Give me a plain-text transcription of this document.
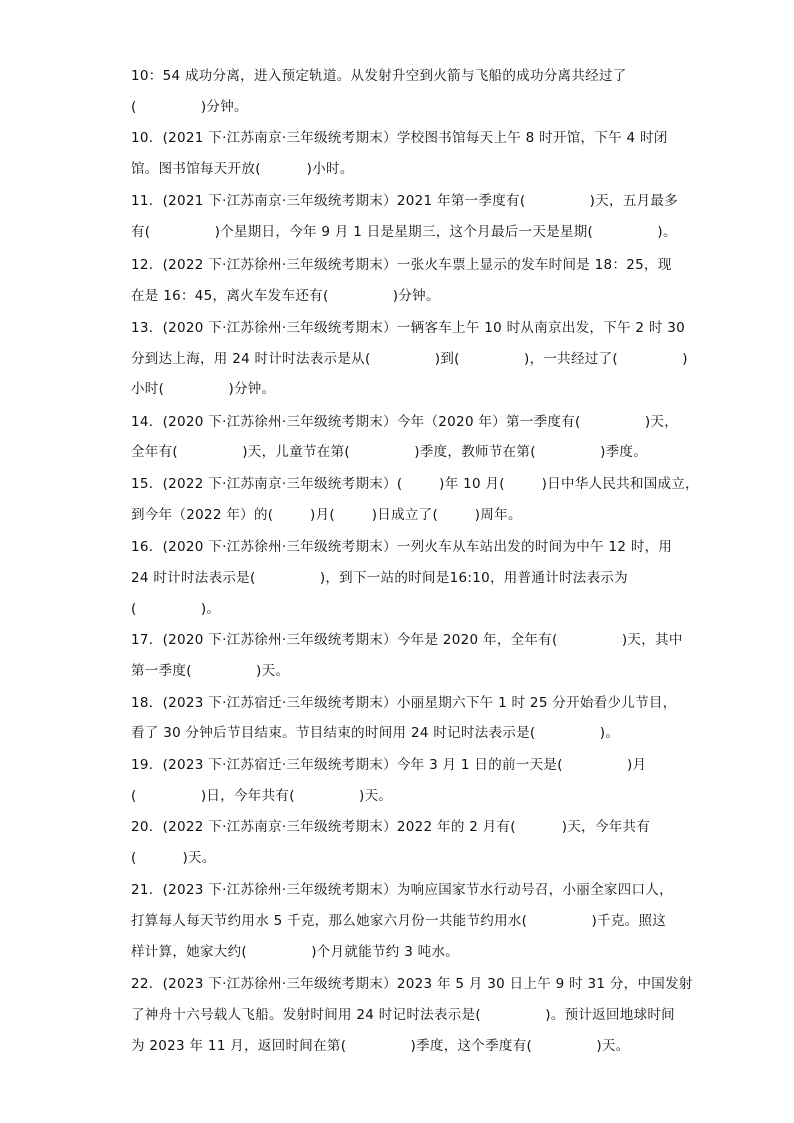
10：54 成功分离，进入预定轨道。从发射升空到火箭与飞船的成功分离共经过了
(              )分钟。
10．(2021 下·江苏南京·三年级统考期末）学校图书馆每天上午 8 时开馆，下午 4 时闭
馆。图书馆每天开放(          )小时。
11．(2021 下·江苏南京·三年级统考期末）2021 年第一季度有(              )天，五月最多
有(              )个星期日，今年 9 月 1 日是星期三，这个月最后一天是星期(              )。
12．(2022 下·江苏徐州·三年级统考期末）一张火车票上显示的发车时间是 18：25，现
在是 16：45，离火车发车还有(              )分钟。
13．(2020 下·江苏徐州·三年级统考期末）一辆客车上午 10 时从南京出发，下午 2 时 30
分到达上海，用 24 时计时法表示是从(              )到(              )，一共经过了(              )
小时(              )分钟。
14．(2020 下·江苏徐州·三年级统考期末）今年（2020 年）第一季度有(              )天，
全年有(              )天，儿童节在第(              )季度，教师节在第(              )季度。
15．(2022 下·江苏南京·三年级统考期末）(        )年 10 月(        )日中华人民共和国成立，
到今年（2022 年）的(        )月(        )日成立了(        )周年。
16．(2020 下·江苏徐州·三年级统考期末）一列火车从车站出发的时间为中午 12 时，用
24 时计时法表示是(              )，到下一站的时间是16:10，用普通计时法表示为
(              )。
17．(2020 下·江苏徐州·三年级统考期末）今年是 2020 年，全年有(              )天，其中
第一季度(              )天。
18．(2023 下·江苏宿迁·三年级统考期末）小丽星期六下午 1 时 25 分开始看少儿节目，
看了 30 分钟后节目结束。节目结束的时间用 24 时记时法表示是(              )。
19．(2023 下·江苏宿迁·三年级统考期末）今年 3 月 1 日的前一天是(              )月
(              )日，今年共有(              )天。
20．(2022 下·江苏南京·三年级统考期末）2022 年的 2 月有(          )天，今年共有
(          )天。
21．(2023 下·江苏徐州·三年级统考期末）为响应国家节水行动号召，小丽全家四口人，
打算每人每天节约用水 5 千克，那么她家六月份一共能节约用水(              )千克。照这
样计算，她家大约(              )个月就能节约 3 吨水。
22．(2023 下·江苏徐州·三年级统考期末）2023 年 5 月 30 日上午 9 时 31 分，中国发射
了神舟十六号载人飞船。发射时间用 24 时记时法表示是(              )。预计返回地球时间
为 2023 年 11 月，返回时间在第(              )季度，这个季度有(              )天。
